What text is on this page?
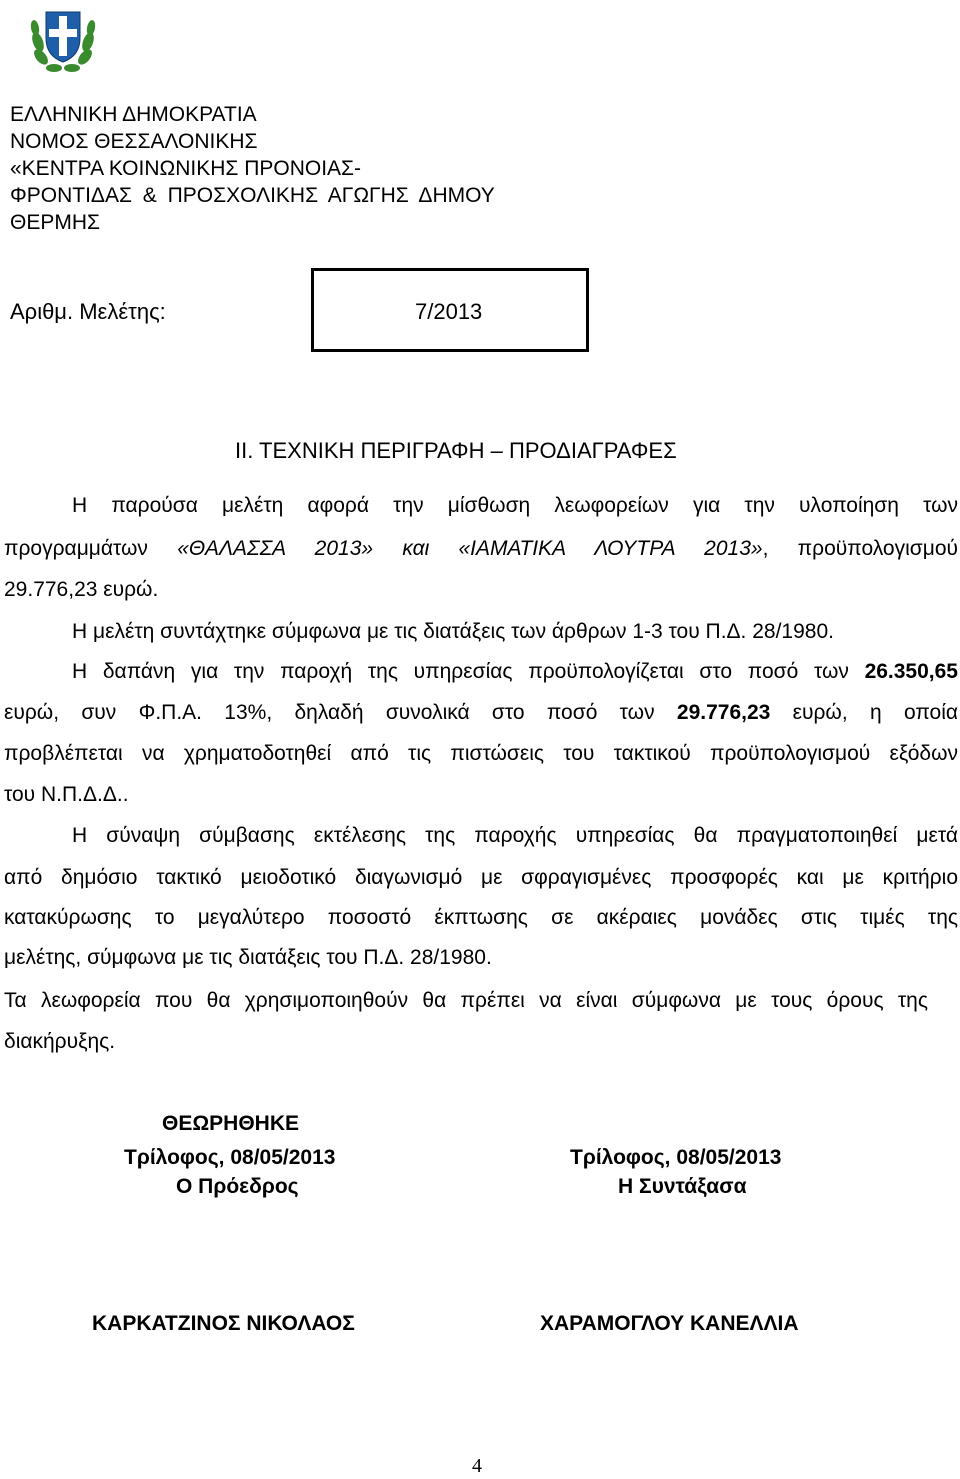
ΕΛΛΗΝΙΚΗ ΔΗΜΟΚΡΑΤΙΑ
ΝΟΜΟΣ ΘΕΣΣΑΛΟΝΙΚΗΣ
«ΚΕΝΤΡΑ ΚΟΙΝΩΝΙΚΗΣ ΠΡΟΝΟΙΑΣ-
ΦΡΟΝΤΙΔΑΣ & ΠΡΟΣΧΟΛΙΚΗΣ ΑΓΩΓΗΣ ΔΗΜΟΥ
ΘΕΡΜΗΣ
Αριθμ. Μελέτης:	7/2013
ΙΙ. ΤΕΧΝΙΚΗ ΠΕΡΙΓΡΑΦΗ – ΠΡΟΔΙΑΓΡΑΦΕΣ
Η παρούσα μελέτη αφορά την μίσθωση λεωφορείων για την υλοποίηση των
προγραμμάτων «ΘΑΛΑΣΣΑ 2013» και «ΙΑΜΑΤΙΚΑ ΛΟΥΤΡΑ 2013», προϋπολογισμού
29.776,23 ευρώ.
Η μελέτη συντάχτηκε σύμφωνα με τις διατάξεις των άρθρων 1-3 του Π.Δ. 28/1980.
Η δαπάνη για την παροχή της υπηρεσίας προϋπολογίζεται στο ποσό των 26.350,65
ευρώ, συν Φ.Π.Α. 13%, δηλαδή συνολικά στο ποσό των 29.776,23 ευρώ, η οποία
προβλέπεται να χρηματοδοτηθεί από τις πιστώσεις του τακτικού προϋπολογισμού εξόδων
του Ν.Π.Δ.Δ..
Η σύναψη σύμβασης εκτέλεσης της παροχής υπηρεσίας θα πραγματοποιηθεί μετά
από δημόσιο τακτικό μειοδοτικό διαγωνισμό με σφραγισμένες προσφορές και με κριτήριο
κατακύρωσης το μεγαλύτερο ποσοστό έκπτωσης σε ακέραιες μονάδες στις τιμές της
μελέτης, σύμφωνα με τις διατάξεις του Π.Δ. 28/1980.
Τα λεωφορεία που θα χρησιμοποιηθούν θα πρέπει να είναι σύμφωνα με τους όρους της
διακήρυξης.
ΘΕΩΡΗΘΗΚΕ
Τρίλοφος, 08/05/2013
Ο Πρόεδρος
Τρίλοφος, 08/05/2013
Η Συντάξασα
ΚΑΡΚΑΤΖΙΝΟΣ ΝΙΚΟΛΑΟΣ	ΧΑΡΑΜΟΓΛΟΥ ΚΑΝΕΛΛΙΑ
4
